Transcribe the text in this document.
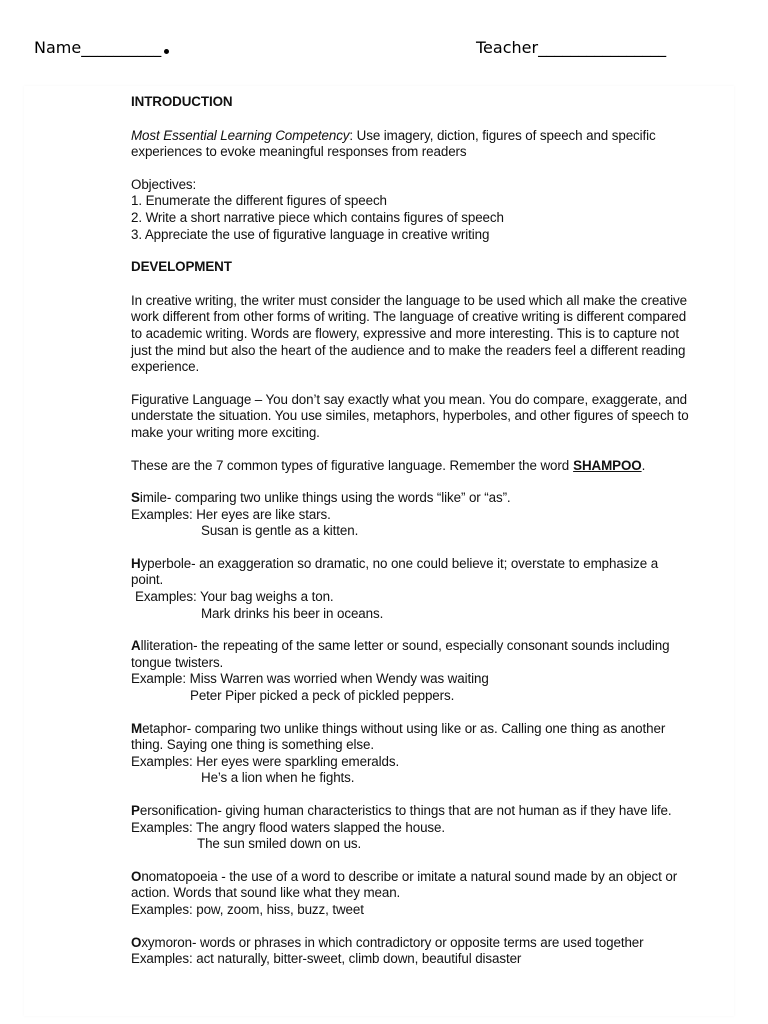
Name__________	Teacher________________

INTRODUCTION

Most Essential Learning Competency: Use imagery, diction, figures of speech and specific experiences to evoke meaningful responses from readers

Objectives:

1. Enumerate the different figures of speech

2. Write a short narrative piece which contains figures of speech

3. Appreciate the use of figurative language in creative writing

DEVELOPMENT

In creative writing, the writer must consider the language to be used which all make the creative work different from other forms of writing. The language of creative writing is different compared to academic writing. Words are flowery, expressive and more interesting. This is to capture not just the mind but also the heart of the audience and to make the readers feel a different reading experience.

Figurative Language – You don’t say exactly what you mean. You do compare, exaggerate, and understate the situation. You use similes, metaphors, hyperboles, and other figures of speech to make your writing more exciting.

These are the 7 common types of figurative language. Remember the word SHAMPOO.

Simile- comparing two unlike things using the words “like” or “as”.

Examples: Her eyes are like stars.

Susan is gentle as a kitten.

Hyperbole- an exaggeration so dramatic, no one could believe it; overstate to emphasize a point.

Examples: Your bag weighs a ton.

Mark drinks his beer in oceans.

Alliteration- the repeating of the same letter or sound, especially consonant sounds including tongue twisters.

Example: Miss Warren was worried when Wendy was waiting

Peter Piper picked a peck of pickled peppers.

Metaphor- comparing two unlike things without using like or as. Calling one thing as another thing. Saying one thing is something else.

Examples: Her eyes were sparkling emeralds.

He’s a lion when he fights.

Personification- giving human characteristics to things that are not human as if they have life.

Examples: The angry flood waters slapped the house.

The sun smiled down on us.

Onomatopoeia - the use of a word to describe or imitate a natural sound made by an object or action. Words that sound like what they mean.

Examples: pow, zoom, hiss, buzz, tweet

Oxymoron- words or phrases in which contradictory or opposite terms are used together

Examples: act naturally, bitter-sweet, climb down, beautiful disaster
